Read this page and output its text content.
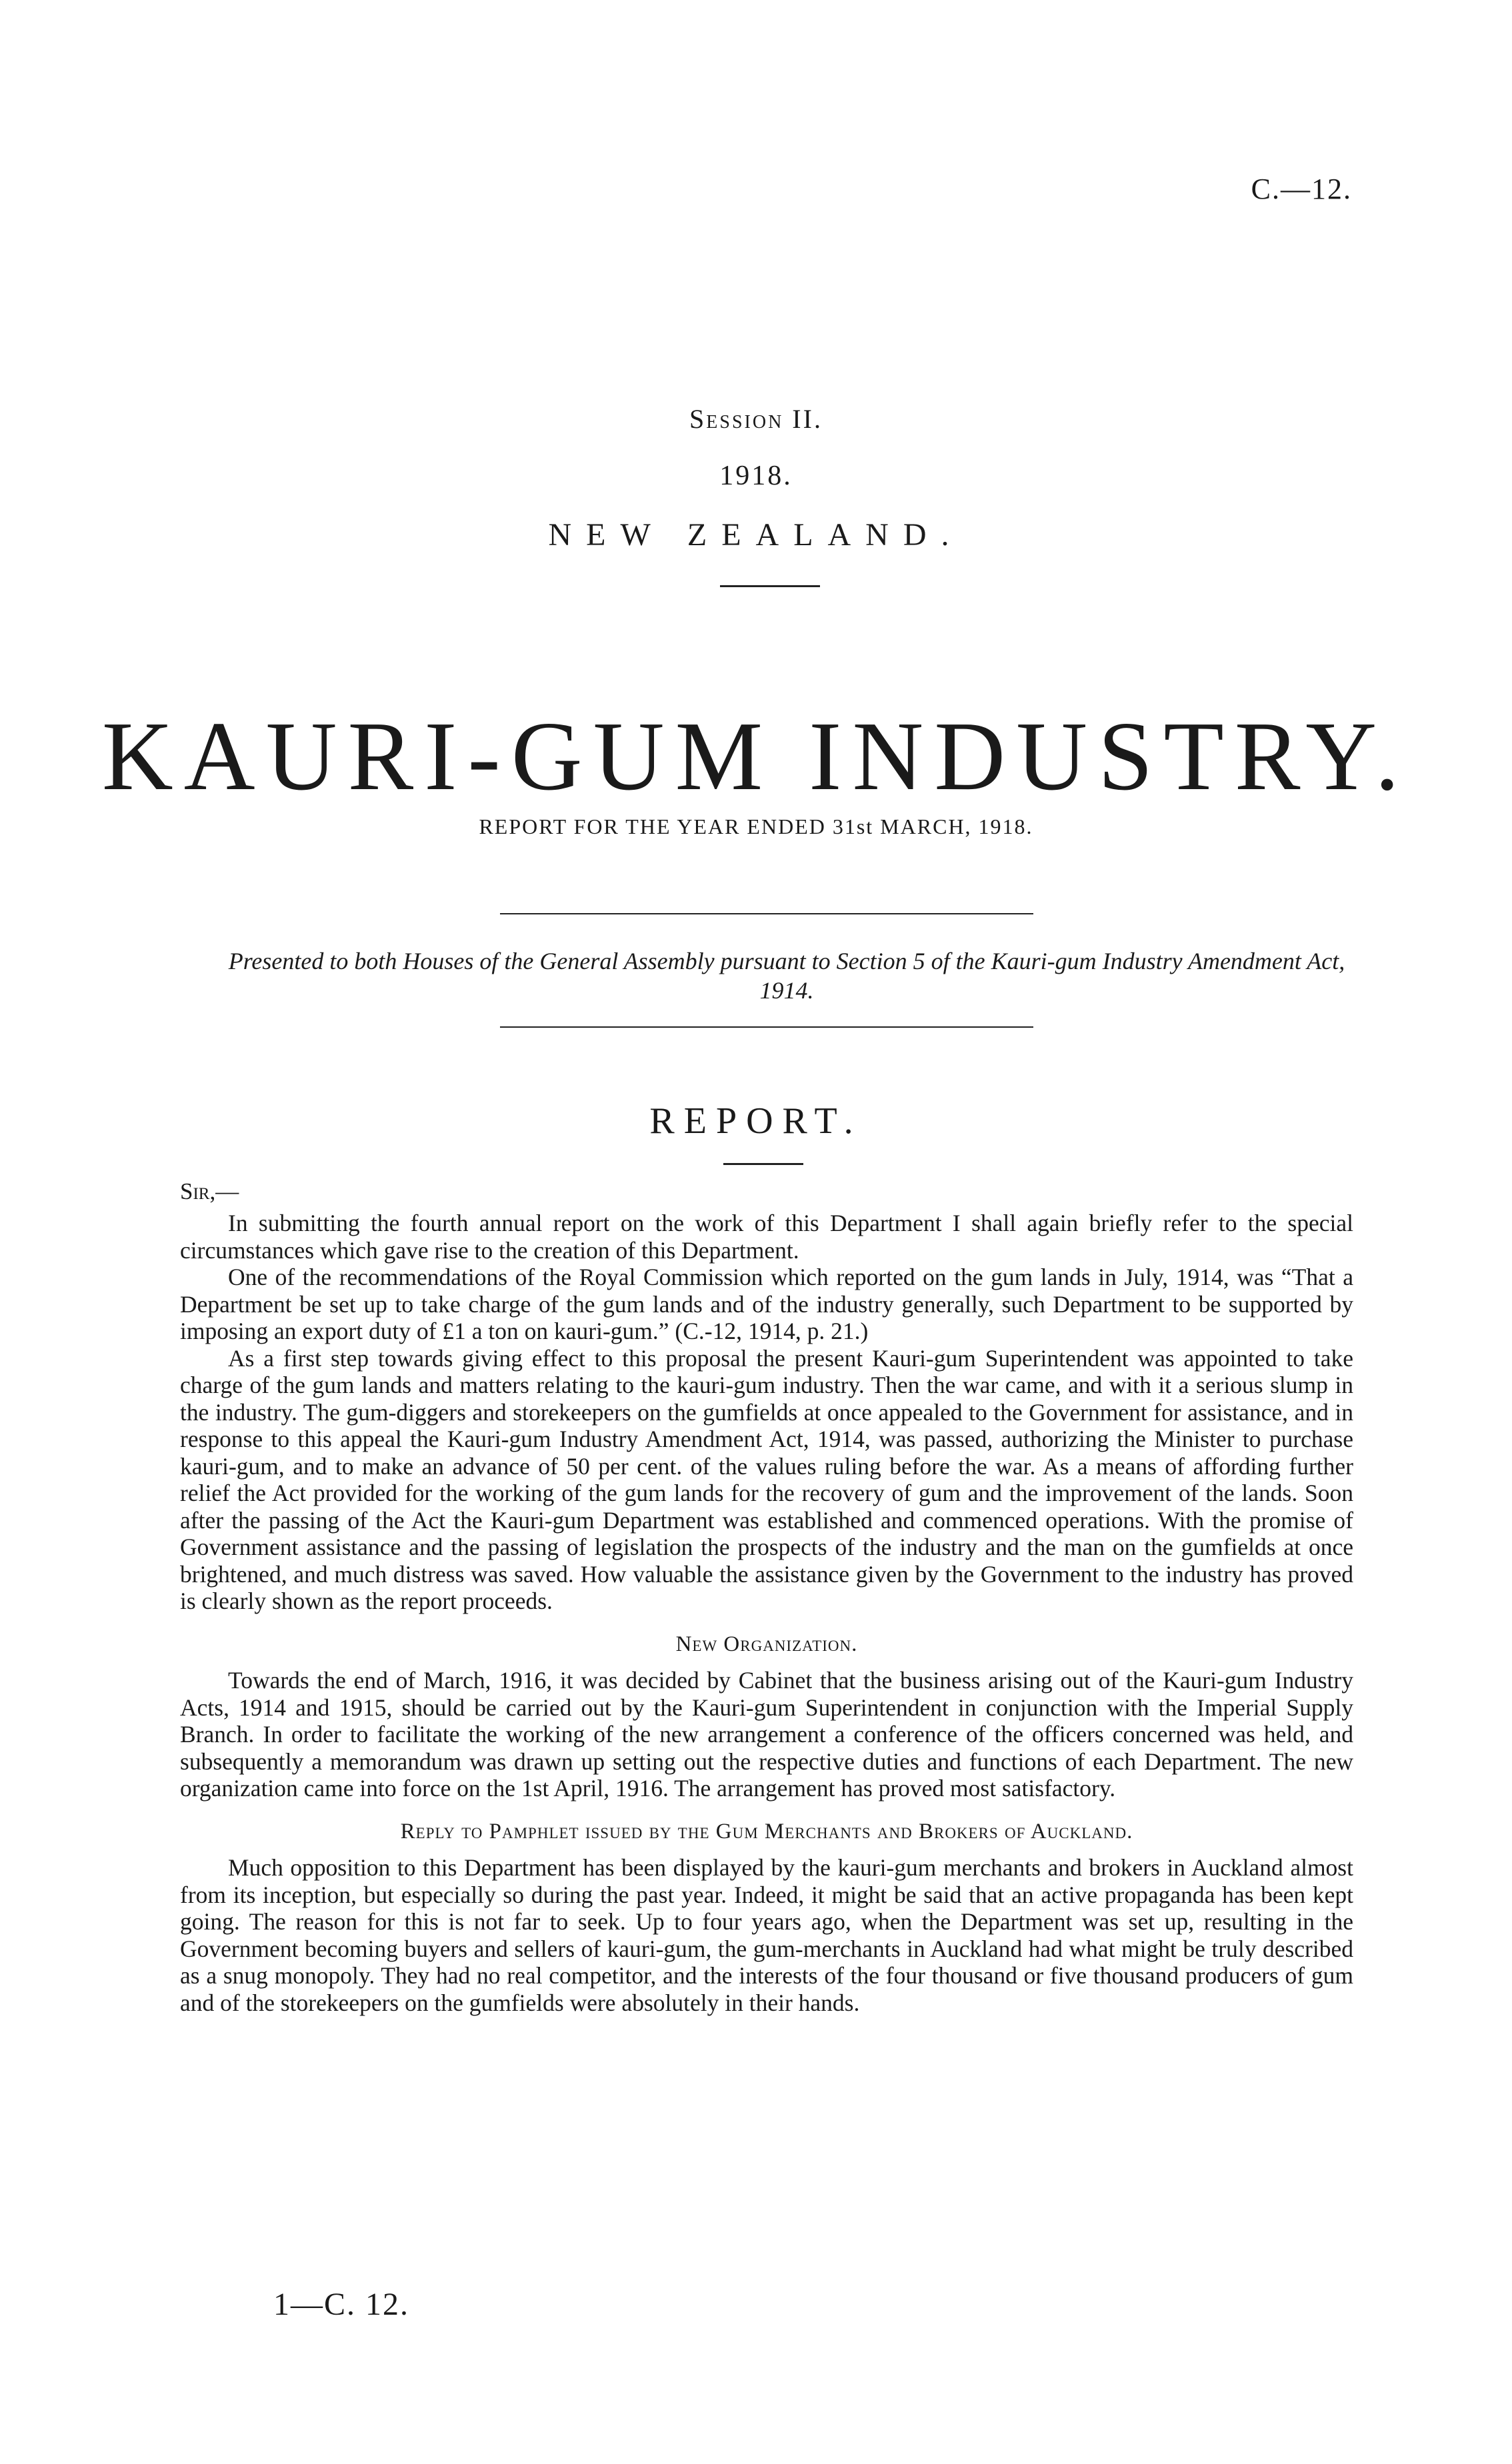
C.—12.
Session II.
1918.
NEW ZEALAND.
KAURI-GUM INDUSTRY.
REPORT FOR THE YEAR ENDED 31st MARCH, 1918.
Presented to both Houses of the General Assembly pursuant to Section 5 of the Kauri-gum Industry Amendment Act, 1914.
REPORT.
Sir,—

In submitting the fourth annual report on the work of this Department I shall again briefly refer to the special circumstances which gave rise to the creation of this Department.

One of the recommendations of the Royal Commission which reported on the gum lands in July, 1914, was “That a Department be set up to take charge of the gum lands and of the industry generally, such Department to be supported by imposing an export duty of £1 a ton on kauri-gum.” (C.-12, 1914, p. 21.)

As a first step towards giving effect to this proposal the present Kauri-gum Superintendent was appointed to take charge of the gum lands and matters relating to the kauri-gum industry. Then the war came, and with it a serious slump in the industry. The gum-diggers and storekeepers on the gumfields at once appealed to the Government for assistance, and in response to this appeal the Kauri-gum Industry Amendment Act, 1914, was passed, authorizing the Minister to purchase kauri-gum, and to make an advance of 50 per cent. of the values ruling before the war. As a means of affording further relief the Act provided for the working of the gum lands for the recovery of gum and the improvement of the lands. Soon after the passing of the Act the Kauri-gum Department was established and commenced operations. With the promise of Government assistance and the passing of legislation the prospects of the industry and the man on the gumfields at once brightened, and much distress was saved. How valuable the assistance given by the Government to the industry has proved is clearly shown as the report proceeds.

New Organization.

Towards the end of March, 1916, it was decided by Cabinet that the business arising out of the Kauri-gum Industry Acts, 1914 and 1915, should be carried out by the Kauri-gum Superintendent in conjunction with the Imperial Supply Branch. In order to facilitate the working of the new arrangement a conference of the officers concerned was held, and subsequently a memorandum was drawn up setting out the respective duties and functions of each Department. The new organization came into force on the 1st April, 1916. The arrangement has proved most satisfactory.

Reply to Pamphlet issued by the Gum Merchants and Brokers of Auckland.

Much opposition to this Department has been displayed by the kauri-gum merchants and brokers in Auckland almost from its inception, but especially so during the past year. Indeed, it might be said that an active propaganda has been kept going. The reason for this is not far to seek. Up to four years ago, when the Department was set up, resulting in the Government becoming buyers and sellers of kauri-gum, the gum-merchants in Auckland had what might be truly described as a snug monopoly. They had no real competitor, and the interests of the four thousand or five thousand producers of gum and of the storekeepers on the gumfields were absolutely in their hands.

1—C. 12.
